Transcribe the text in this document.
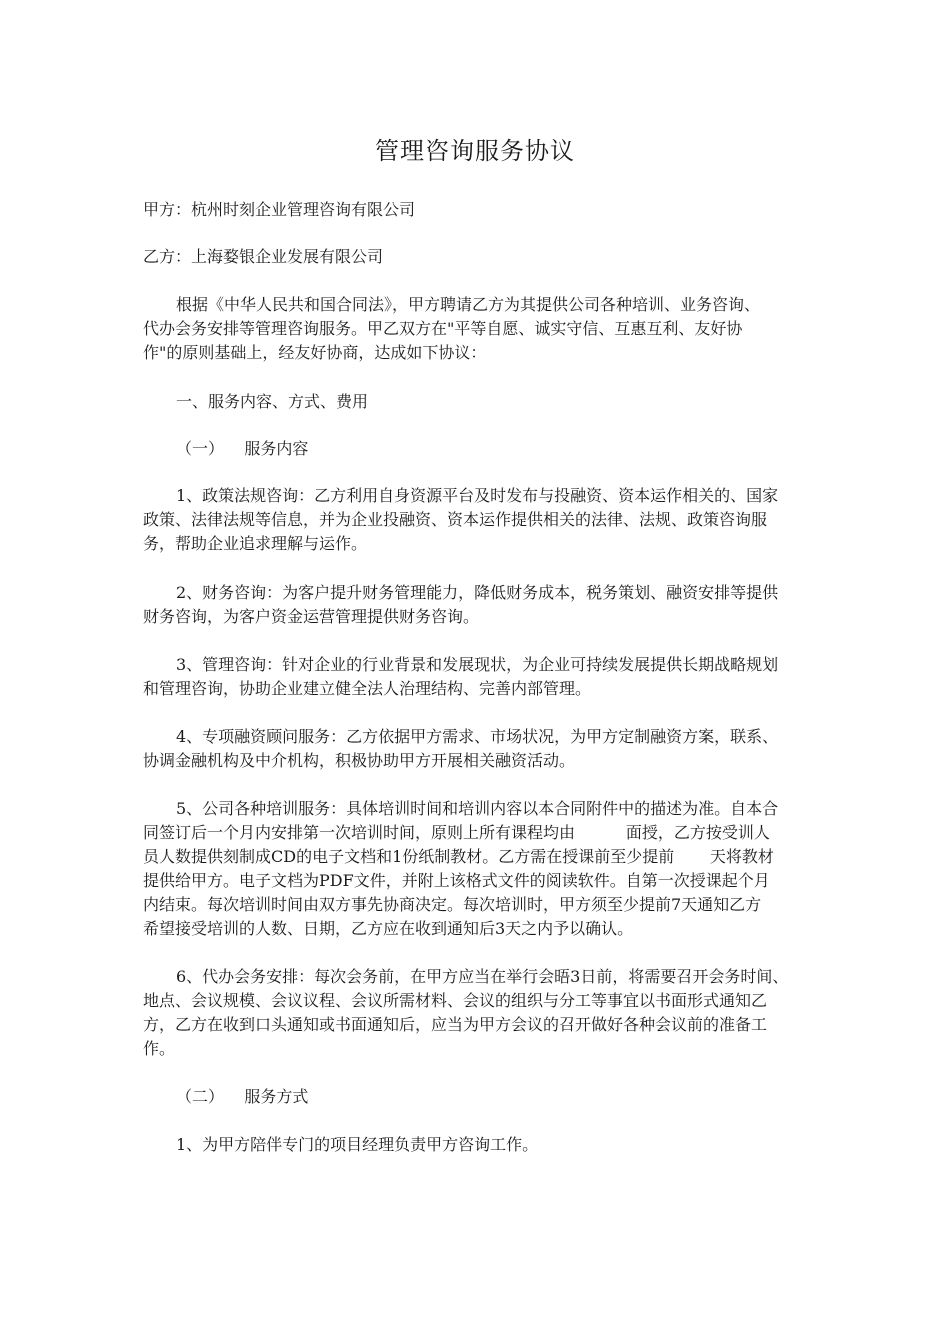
管理咨询服务协议
甲方：杭州时刻企业管理咨询有限公司
乙方：上海婺银企业发展有限公司
根据《中华人民共和国合同法》，甲方聘请乙方为其提供公司各种培训、业务咨询、
代办会务安排等管理咨询服务。甲乙双方在"平等自愿、诚实守信、互惠互利、友好协
作"的原则基础上，经友好协商，达成如下协议：
一、服务内容、方式、费用
（一）    服务内容
1、政策法规咨询：乙方利用自身资源平台及时发布与投融资、资本运作相关的、国家
政策、法律法规等信息，并为企业投融资、资本运作提供相关的法律、法规、政策咨询服
务，帮助企业追求理解与运作。
2、财务咨询：为客户提升财务管理能力，降低财务成本，税务策划、融资安排等提供
财务咨询，为客户资金运营管理提供财务咨询。
3、管理咨询：针对企业的行业背景和发展现状，为企业可持续发展提供长期战略规划
和管理咨询，协助企业建立健全法人治理结构、完善内部管理。
4、专项融资顾问服务：乙方依据甲方需求、市场状况，为甲方定制融资方案，联系、
协调金融机构及中介机构，积极协助甲方开展相关融资活动。
5、公司各种培训服务：具体培训时间和培训内容以本合同附件中的描述为准。自本合
同签订后一个月内安排第一次培训时间，原则上所有课程均由          面授，乙方按受训人
员人数提供刻制成CD的电子文档和1份纸制教材。乙方需在授课前至少提前       天将教材
提供给甲方。电子文档为PDF文件，并附上该格式文件的阅读软件。自第一次授课起个月
内结束。每次培训时间由双方事先协商决定。每次培训时，甲方须至少提前7天通知乙方
希望接受培训的人数、日期，乙方应在收到通知后3天之内予以确认。
6、代办会务安排：每次会务前，在甲方应当在举行会晤3日前，将需要召开会务时间、
地点、会议规模、会议议程、会议所需材料、会议的组织与分工等事宜以书面形式通知乙
方，乙方在收到口头通知或书面通知后，应当为甲方会议的召开做好各种会议前的准备工
作。
（二）    服务方式
1、为甲方陪伴专门的项目经理负责甲方咨询工作。
